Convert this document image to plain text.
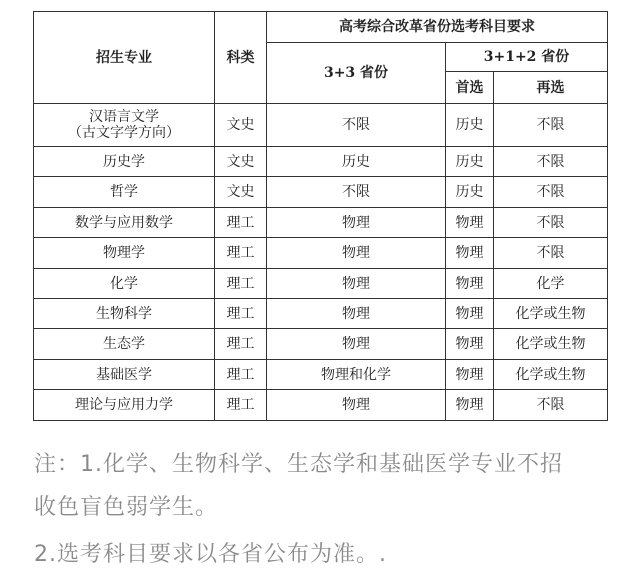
招生专业	科类	高考综合改革省份选考科目要求		
		3+3 省份	3+1+2 省份	
			首选	再选

汉语言文学
（古文字学方向）	文史	不限	历史	不限
历史学	文史	历史	历史	不限
哲学	文史	不限	历史	不限
数学与应用数学	理工	物理	物理	不限
物理学	理工	物理	物理	不限
化学	理工	物理	物理	化学
生物科学	理工	物理	物理	化学或生物
生态学	理工	物理	物理	化学或生物
基础医学	理工	物理和化学	物理	化学或生物
理论与应用力学	理工	物理	物理	不限
注：1.化学、生物科学、生态学和基础医学专业不招
收色盲色弱学生。
2.选考科目要求以各省公布为准。.
